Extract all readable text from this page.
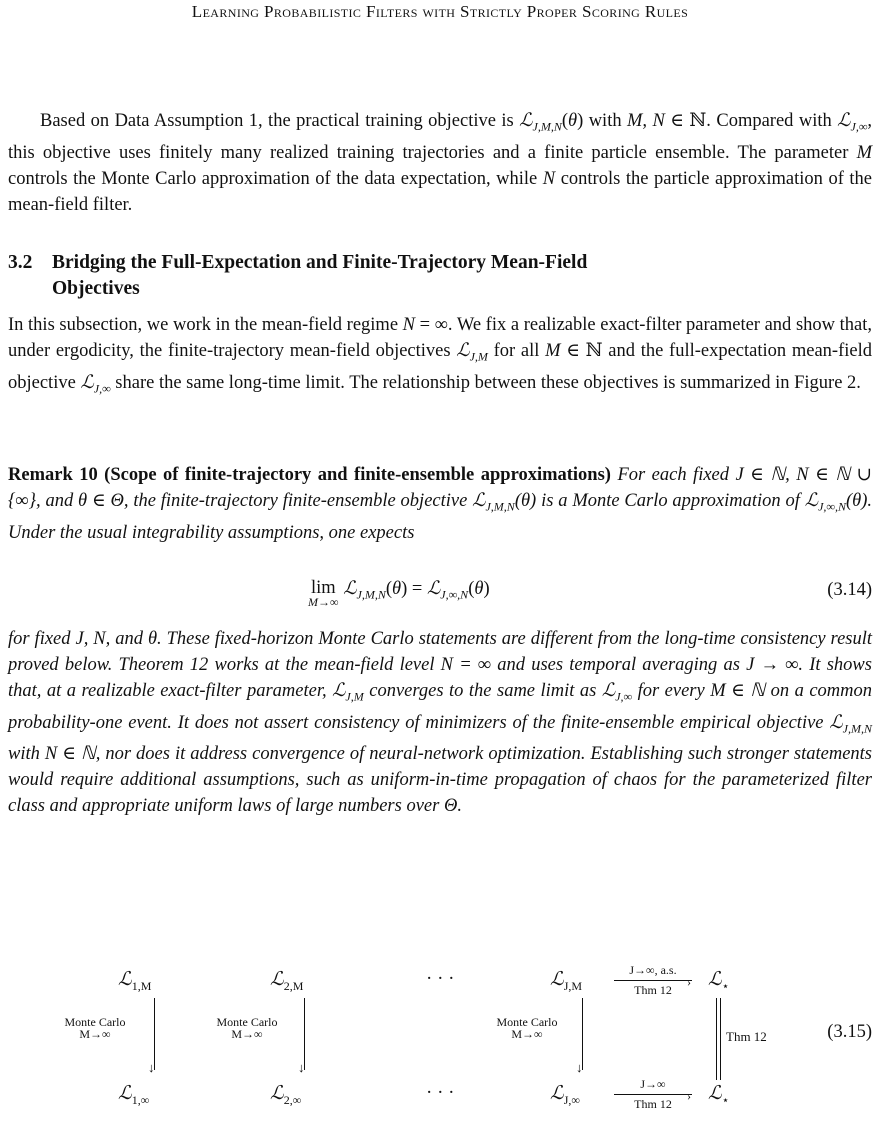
Learning Probabilistic Filters with Strictly Proper Scoring Rules

Based on Data Assumption 1, the practical training objective is ℒ$_{J,M,N}$(θ) with M, N ∈ ℕ. Compared with ℒ$_{J,\infty}$, this objective uses finitely many realized training trajectories and a finite particle ensemble. The parameter M controls the Monte Carlo approximation of the data expectation, while N controls the particle approximation of the mean-field filter.

3.2 Bridging the Full-Expectation and Finite-Trajectory Mean-Field
Objectives

In this subsection, we work in the mean-field regime N = ∞. We fix a realizable exact-filter parameter and show that, under ergodicity, the finite-trajectory mean-field objectives ℒ$_{J,M}$ for all M ∈ ℕ and the full-expectation mean-field objective ℒ$_{J,\infty}$ share the same long-time limit. The relationship between these objectives is summarized in Figure 2.

Remark 10 (Scope of finite-trajectory and finite-ensemble approximations) For each fixed J ∈ ℕ, N ∈ ℕ ∪ {∞}, and θ ∈ Θ, the finite-trajectory finite-ensemble objective ℒ$_{J,M,N}$(θ) is a Monte Carlo approximation of ℒ$_{J,\infty,N}$(θ). Under the usual integrability assumptions, one expects

lim
M→∞
ℒ$_{J,M,N}$(θ) = ℒ$_{J,\infty,N}$(θ)	(3.14)

for fixed J, N, and θ. These fixed-horizon Monte Carlo statements are different from the long-time consistency result proved below. Theorem 12 works at the mean-field level N = ∞ and uses temporal averaging as J → ∞. It shows that, at a realizable exact-filter parameter, ℒ$_{J,M}$ converges to the same limit as ℒ$_{J,\infty}$ for every M ∈ ℕ on a common probability-one event. It does not assert consistency of minimizers of the finite-ensemble empirical objective ℒ$_{J,M,N}$ with N ∈ ℕ, nor does it address convergence of neural-network optimization. Establishing such stronger statements would require additional assumptions, such as uniform-in-time propagation of chaos for the parameterized filter class and appropriate uniform laws of large numbers over Θ.

ℒ$_{1,M}$	ℒ$_{2,M}$	· · ·	ℒ$_{J,M}$	ℒ$_⋆$
J→∞, a.s.
›
Thm 12
Monte Carlo
M→∞
↓
Monte Carlo
M→∞
↓
Monte Carlo
M→∞
↓
Thm 12	(3.15)
ℒ$_{1,\infty}$	ℒ$_{2,\infty}$	· · ·	ℒ$_{J,\infty}$	ℒ$_⋆$
J→∞
›
Thm 12
